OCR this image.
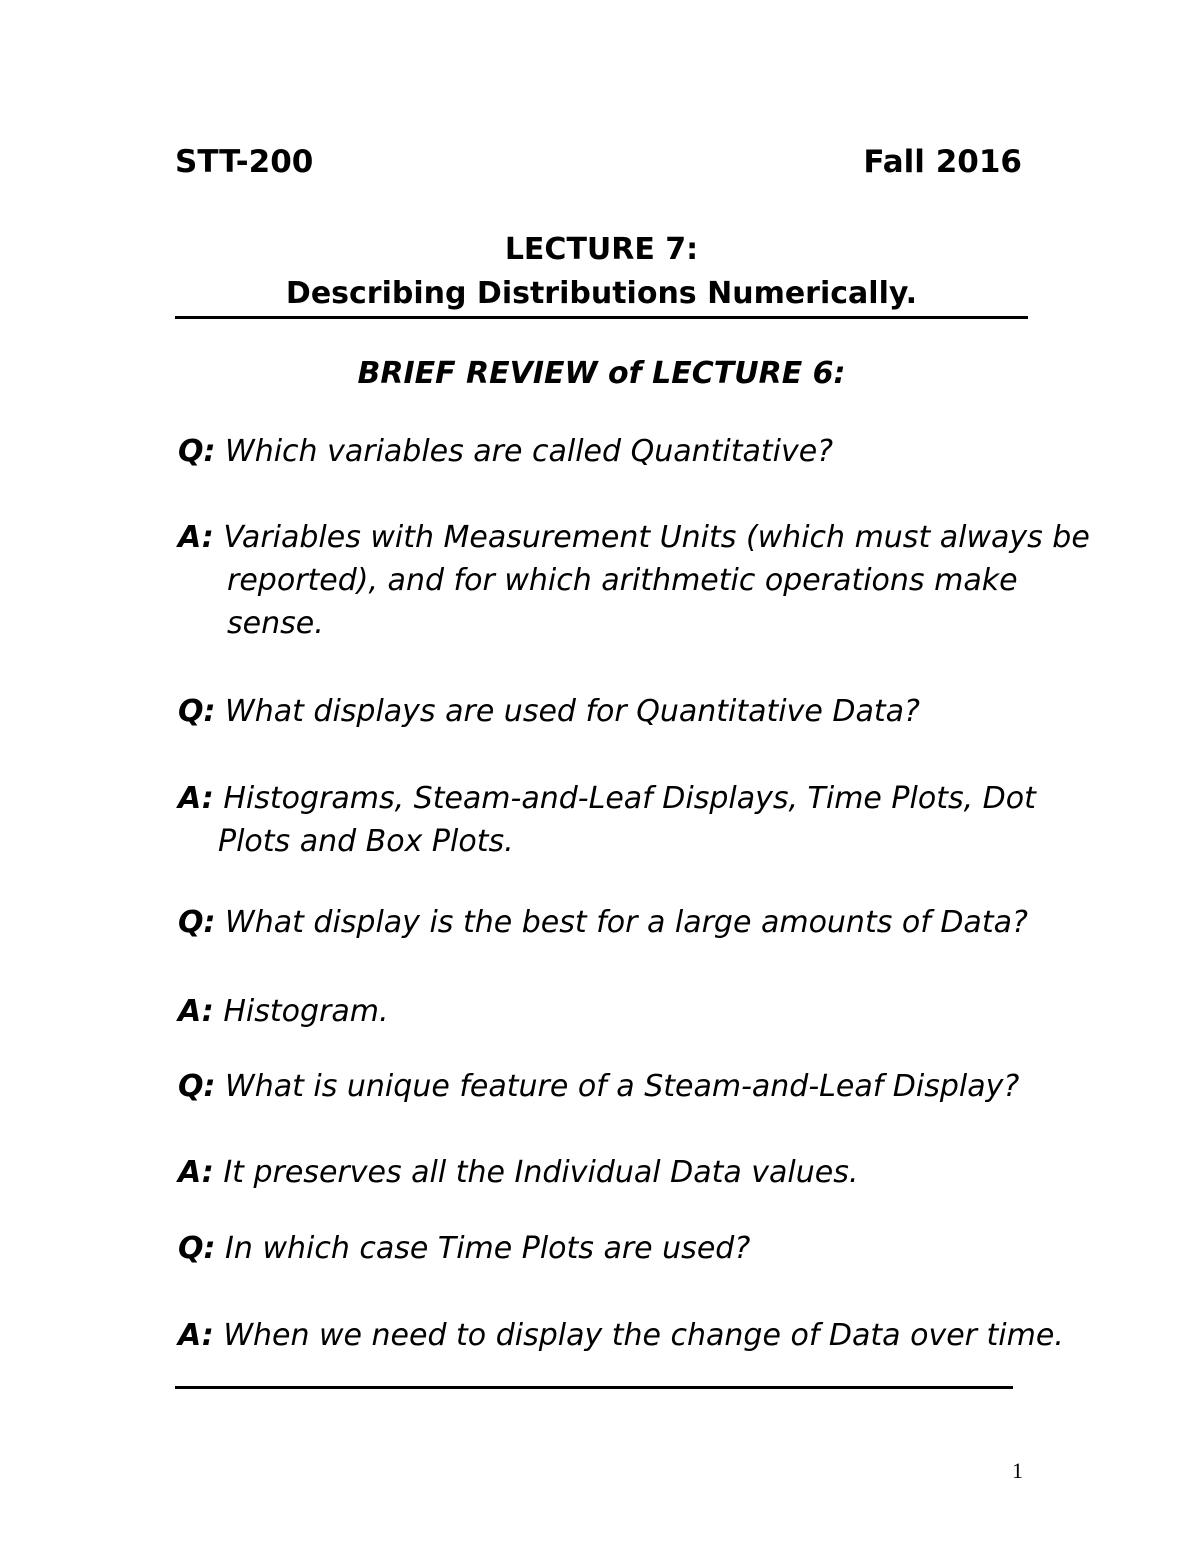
STT-200	Fall 2016
LECTURE 7:
Describing Distributions Numerically.
BRIEF REVIEW of LECTURE 6:
Q: Which variables are called Quantitative?
A: Variables with Measurement Units (which must always be
reported), and for which arithmetic operations make
sense.
Q: What displays are used for Quantitative Data?
A: Histograms, Steam-and-Leaf Displays, Time Plots, Dot
Plots and Box Plots.
Q: What display is the best for a large amounts of Data?
A: Histogram.
Q: What is unique feature of a Steam-and-Leaf Display?
A: It preserves all the Individual Data values.
Q: In which case Time Plots are used?
A: When we need to display the change of Data over time.
1
